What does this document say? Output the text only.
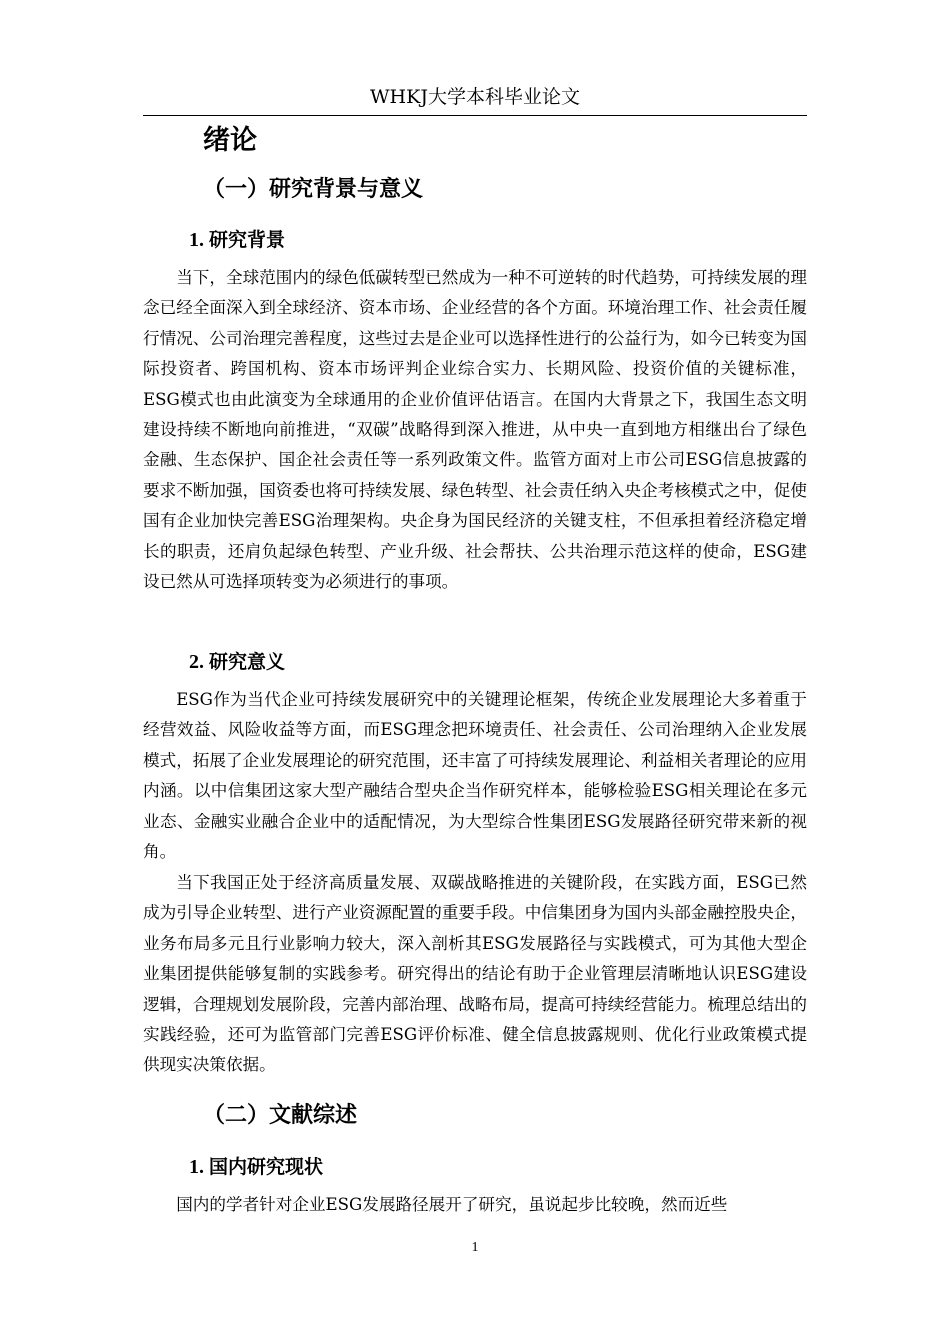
WHKJ大学本科毕业论文
绪论
（一）研究背景与意义
1. 研究背景

当下，全球范围内的绿色低碳转型已然成为一种不可逆转的时代趋势，可持续发展的理念已经全面深入到全球经济、资本市场、企业经营的各个方面。环境治理工作、社会责任履行情况、公司治理完善程度，这些过去是企业可以选择性进行的公益行为，如今已转变为国际投资者、跨国机构、资本市场评判企业综合实力、长期风险、投资价值的关键标准，ESG模式也由此演变为全球通用的企业价值评估语言。在国内大背景之下，我国生态文明建设持续不断地向前推进，“双碳”战略得到深入推进，从中央一直到地方相继出台了绿色金融、生态保护、国企社会责任等一系列政策文件。监管方面对上市公司ESG信息披露的要求不断加强，国资委也将可持续发展、绿色转型、社会责任纳入央企考核模式之中，促使国有企业加快完善ESG治理架构。央企身为国民经济的关键支柱，不但承担着经济稳定增长的职责，还肩负起绿色转型、产业升级、社会帮扶、公共治理示范这样的使命，ESG建设已然从可选择项转变为必须进行的事项。

2. 研究意义

ESG作为当代企业可持续发展研究中的关键理论框架，传统企业发展理论大多着重于经营效益、风险收益等方面，而ESG理念把环境责任、社会责任、公司治理纳入企业发展模式，拓展了企业发展理论的研究范围，还丰富了可持续发展理论、利益相关者理论的应用内涵。以中信集团这家大型产融结合型央企当作研究样本，能够检验ESG相关理论在多元业态、金融实业融合企业中的适配情况，为大型综合性集团ESG发展路径研究带来新的视角。

当下我国正处于经济高质量发展、双碳战略推进的关键阶段，在实践方面，ESG已然成为引导企业转型、进行产业资源配置的重要手段。中信集团身为国内头部金融控股央企，业务布局多元且行业影响力较大，深入剖析其ESG发展路径与实践模式，可为其他大型企业集团提供能够复制的实践参考。研究得出的结论有助于企业管理层清晰地认识ESG建设逻辑，合理规划发展阶段，完善内部治理、战略布局，提高可持续经营能力。梳理总结出的实践经验，还可为监管部门完善ESG评价标准、健全信息披露规则、优化行业政策模式提供现实决策依据。

（二）文献综述
1. 国内研究现状

国内的学者针对企业ESG发展路径展开了研究，虽说起步比较晚，然而近些

1
